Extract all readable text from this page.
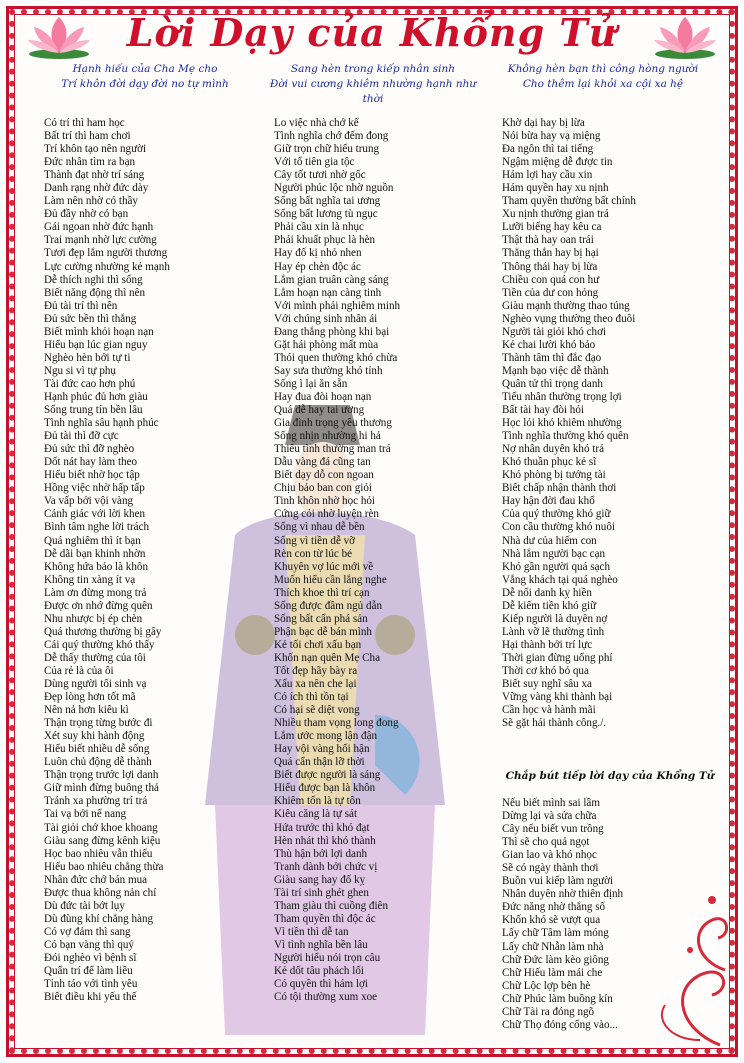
Lời Dạy của Khổng Tử
Hạnh hiếu của Cha Mẹ cho
Trí khôn đời dạy đời no tự mình
Sang hèn trong kiếp nhân sinh
Đời vui cương khiêm nhường hạnh như thời
Không hèn bạn thì công hòng người
Cho thêm lại khỏi xa cội xa hệ
Có trí thì ham học
Bất trí thì ham chơi
Trí khôn tạo nên người
Đức nhân tìm ra bạn
Thành đạt nhờ trí sáng
Danh rạng nhờ đức dày
Làm nên nhờ có thầy
Đủ đầy nhờ có bạn
Gái ngoan nhờ đức hạnh
Trai mạnh nhờ lực cường
Tươi đẹp lắm người thương
Lực cường nhường kẻ mạnh
Dễ thích nghi thì sống
Biết năng động thì nên
Đủ tài trí thì nên
Đủ sức bền thì thắng
Biết mình khỏi hoạn nạn
Hiểu bạn lúc gian nguy
Nghèo hèn bởi tự ti
Ngu si vì tự phụ
Tài đức cao hơn phú
Hạnh phúc đủ hơn giàu
Sống trung tín bền lâu
Tình nghĩa sâu hạnh phúc
Đủ tài thì đỡ cực
Đủ sức thì đỡ nghèo
Dốt nát hay làm theo
Hiểu biết nhờ học tập
Hồng việc nhờ hấp tấp
Va vấp bởi vội vàng
Cảnh giác với lời khen
Bình tâm nghe lời trách
Quá nghiêm thì ít bạn
Dễ dãi bạn khinh nhờn
Không hứa bảo là khôn
Không tin xàng ít vạ
Làm ơn đừng mong trả
Được ơn nhớ đừng quên
Nhu nhược bị ép chèn
Quá thương thường bị gây
Cái quý thường khó thấy
Dễ thấy thường của tôi
Của rẻ là của ôi
Dùng người tối sinh vạ
Đẹp lòng hơn tốt mã
Nên nả hơn kiêu kì
Thận trọng từng bước đi
Xét suy khi hành động
Hiểu biết nhiều dễ sống
Luôn chủ động dễ thành
Thận trọng trước lợi danh
Giữ mình đừng buông thả
Tránh xa phường trí trá
Tai vạ bởi nể nang
Tài giỏi chớ khoe khoang
Giàu sang đừng kênh kiệu
Học bao nhiêu vẫn thiếu
Hiểu bao nhiêu chẳng thừa
Nhân đức chớ bán mua
Được thua không nản chí
Dù đức tài bớt lụy
Dù đùng khí chẳng hàng
Có vợ đảm thì sang
Có bạn vàng thì quý
Đói nghèo vì bệnh sĩ
Quẩn trí để làm liều
Tỉnh táo với tình yêu
Biết điều khi yếu thế
Lo việc nhà chớ kể
Tình nghĩa chớ đếm đong
Giữ trọn chữ hiếu trung
Với tổ tiên gia tộc
Cây tốt tươi nhờ gốc
Người phúc lộc nhờ nguồn
Sống bất nghĩa tai ương
Sống bất lương tù ngục
Phải cầu xin là nhục
Phải khuất phục là hèn
Hay đố kị nhỏ nhen
Hay ép chèn độc ác
Lắm gian truân càng sáng
Lắm hoạn nạn càng tinh
Với mình phải nghiêm minh
Với chúng sinh nhân ái
Đang thắng phòng khi bại
Gặt hái phòng mất mùa
Thói quen thường khó chừa
Say sưa thường khó tỉnh
Sống ì lại ăn sẵn
Hay đua đòi hoạn nạn
Quá dễ hay tai ương
Gia đình trọng yêu thương
Sống nhịn nhường hi hả
Thiếu tình thường man trá
Dẫu vàng đá cũng tan
Biết dạy dỗ con ngoan
Chịu bảo ban con giỏi
Tinh khôn nhờ học hỏi
Cứng cỏi nhờ luyện rèn
Sống vì nhau dễ bền
Sống vì tiền dễ vỡ
Rèn con từ lúc bé
Khuyên vợ lúc mới về
Muốn hiểu cần lắng nghe
Thích khoe thì trí cạn
Sống được đầm ngủ dẫn
Sống bất cẩn phá sản
Phận bạc dễ bán mình
Kẻ tối chơi xấu bạn
Khốn nạn quên Mẹ Cha
Tốt đẹp hãy bày ra
Xấu xa nên che lại
Có ích thì tồn tại
Có hại sẽ diệt vong
Nhiều tham vọng long đong
Lắm ước mong lận đận
Hay vội vàng hối hận
Quá cẩn thận lỡ thời
Biết được người là sáng
Hiểu được bạn là khôn
Khiêm tốn là tự tôn
Kiêu căng là tự sát
Hứa trước thì khó đạt
Hèn nhát thì khó thành
Thù hận bởi lợi danh
Tranh dành bởi chức vị
Giàu sang hay đố kỵ
Tài trí sinh ghét ghen
Tham giàu thì cuồng điên
Tham quyền thì độc ác
Vì tiền thì dễ tan
Vì tình nghĩa bền lâu
Người hiểu nói trọn câu
Kẻ dốt tâu phách lối
Có quyền thì hám lợi
Có tội thường xum xoe
Khờ dại hay bị lừa
Nói bừa hay vạ miệng
Đa ngôn thì tai tiếng
Ngậm miệng dễ được tin
Hám lợi hay cầu xin
Hám quyền hay xu nịnh
Tham quyền thường bất chính
Xu nịnh thường gian trá
Lưỡi biếng hay kêu ca
Thật thà hay oan trái
Thẳng thắn hay bị hại
Thông thái hay bị lừa
Chiều con quá con hư
Tiền của dư con hỏng
Giàu mạnh thường thao túng
Nghèo vụng thường theo đuôi
Người tài giỏi khó chơi
Kẻ chai lười khó bảo
Thành tâm thì đắc đạo
Mạnh bạo việc dễ thành
Quân tử thì trọng danh
Tiểu nhân thường trọng lợi
Bất tài hay đòi hỏi
Học lỏi khó khiêm nhường
Tình nghĩa thường khó quên
Nợ nhân duyên khó trả
Khó thuần phục kẻ sĩ
Khó phòng bị tướng tài
Biết chấp nhận thành thơi
Hay hận đời đau khổ
Của quý thường khó giữ
Con cầu thường khó nuôi
Nhà dư của hiếm con
Nhà lắm người bạc cạn
Khó gần người quá sạch
Vắng khách tại quá nghèo
Dễ nổi danh kỵ hiền
Dễ kiếm tiền khó giữ
Kiếp người là duyên nợ
Lành vỡ lẽ thường tình
Hại thành bởi trí lực
Thời gian đừng uổng phí
Thời cơ khó bỏ qua
Biết suy nghĩ sâu xa
Vững vàng khi thành bại
Cần học và hành mãi
Sẽ gặt hái thành công./.
Chắp bút tiếp lời dạy của Khổng Tử
Nếu biết mình sai lầm
Dừng lại và sửa chữa
Cây nếu biết vun trồng
Thì sẽ cho quả ngọt
Gian lao và khó nhọc
Sẽ có ngày thành thơi
Buồn vui kiếp làm người
Nhân duyên nhờ thiên định
Đức năng nhờ thắng số
Khốn khó sẽ vượt qua
Lấy chữ Tâm làm móng
Lấy chữ Nhẫn làm nhà
Chữ Đức làm kèo giông
Chữ Hiếu làm mái che
Chữ Lộc lợp bên hè
Chữ Phúc làm buồng kín
Chữ Tài ra đóng ngõ
Chữ Thọ đóng cổng vào...
